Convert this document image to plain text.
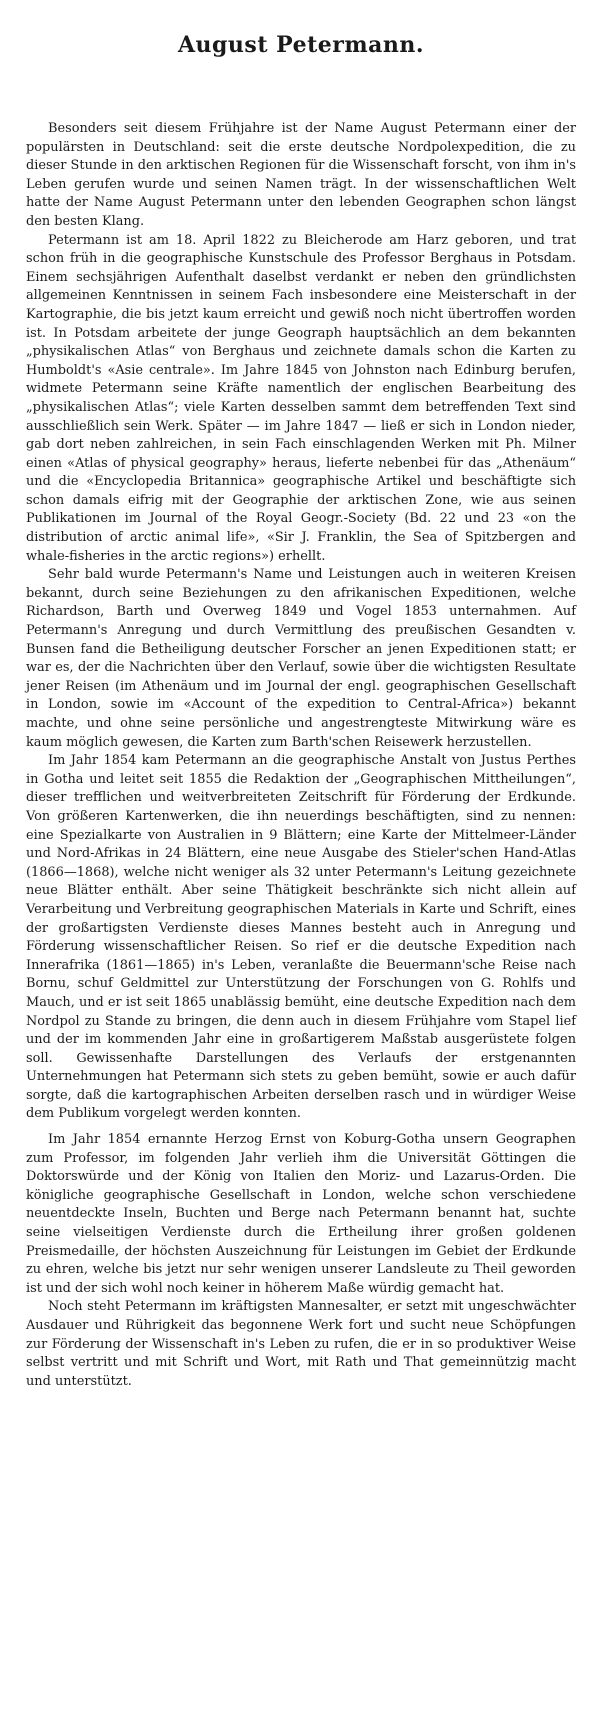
August Petermann.

Besonders seit diesem Frühjahre ist der Name August Petermann einer der populärsten in Deutschland: seit die erste deutsche Nordpolexpedition, die zu dieser Stunde in den arktischen Regionen für die Wissenschaft forscht, von ihm in's Leben gerufen wurde und seinen Namen trägt. In der wissenschaftlichen Welt hatte der Name August Petermann unter den lebenden Geographen schon längst den besten Klang.

Petermann ist am 18. April 1822 zu Bleicherode am Harz geboren, und trat schon früh in die geographische Kunstschule des Professor Berghaus in Potsdam. Einem sechsjährigen Aufenthalt daselbst verdankt er neben den gründlichsten allgemeinen Kenntnissen in seinem Fach insbesondere eine Meisterschaft in der Kartographie, die bis jetzt kaum erreicht und gewiß noch nicht übertroffen worden ist. In Potsdam arbeitete der junge Geograph hauptsächlich an dem bekannten „physikalischen Atlas“ von Berghaus und zeichnete damals schon die Karten zu Humboldt's «Asie centrale». Im Jahre 1845 von Johnston nach Edinburg berufen, widmete Petermann seine Kräfte namentlich der englischen Bearbeitung des „physikalischen Atlas“; viele Karten desselben sammt dem betreffenden Text sind ausschließlich sein Werk. Später — im Jahre 1847 — ließ er sich in London nieder, gab dort neben zahlreichen, in sein Fach einschlagenden Werken mit Ph. Milner einen «Atlas of physical geography» heraus, lieferte nebenbei für das „Athenäum“ und die «Encyclopedia Britannica» geographische Artikel und beschäftigte sich schon damals eifrig mit der Geographie der arktischen Zone, wie aus seinen Publikationen im Journal of the Royal Geogr.-Society (Bd. 22 und 23 «on the distribution of arctic animal life», «Sir J. Franklin, the Sea of Spitzbergen and whale-fisheries in the arctic regions») erhellt.

Sehr bald wurde Petermann's Name und Leistungen auch in weiteren Kreisen bekannt, durch seine Beziehungen zu den afrikanischen Expeditionen, welche Richardson, Barth und Overweg 1849 und Vogel 1853 unternahmen. Auf Petermann's Anregung und durch Vermittlung des preußischen Gesandten v. Bunsen fand die Betheiligung deutscher Forscher an jenen Expeditionen statt; er war es, der die Nachrichten über den Verlauf, sowie über die wichtigsten Resultate jener Reisen (im Athenäum und im Journal der engl. geographischen Gesellschaft in London, sowie im «Account of the expedition to Central-Africa») bekannt machte, und ohne seine persönliche und angestrengteste Mitwirkung wäre es kaum möglich gewesen, die Karten zum Barth'schen Reisewerk herzustellen.

Im Jahr 1854 kam Petermann an die geographische Anstalt von Justus Perthes in Gotha und leitet seit 1855 die Redaktion der „Geographischen Mittheilungen“, dieser trefflichen und weitverbreiteten Zeitschrift für Förderung der Erdkunde. Von größeren Kartenwerken, die ihn neuerdings beschäftigten, sind zu nennen: eine Spezialkarte von Australien in 9 Blättern; eine Karte der Mittelmeer-Länder und Nord-Afrikas in 24 Blättern, eine neue Ausgabe des Stieler'schen Hand-Atlas (1866—1868), welche nicht weniger als 32 unter Petermann's Leitung gezeichnete neue Blätter enthält. Aber seine Thätigkeit beschränkte sich nicht allein auf Verarbeitung und Verbreitung geographischen Materials in Karte und Schrift, eines der großartigsten Verdienste dieses Mannes besteht auch in Anregung und Förderung wissenschaftlicher Reisen. So rief er die deutsche Expedition nach Innerafrika (1861—1865) in's Leben, veranlaßte die Beuermann'sche Reise nach Bornu, schuf Geldmittel zur Unterstützung der Forschungen von G. Rohlfs und Mauch, und er ist seit 1865 unablässig bemüht, eine deutsche Expedition nach dem Nordpol zu Stande zu bringen, die denn auch in diesem Frühjahre vom Stapel lief und der im kommenden Jahr eine in großartigerem Maßstab ausgerüstete folgen soll. Gewissenhafte Darstellungen des Verlaufs der erstgenannten Unternehmungen hat Petermann sich stets zu geben bemüht, sowie er auch dafür sorgte, daß die kartographischen Arbeiten derselben rasch und in würdiger Weise dem Publikum vorgelegt werden konnten.

Im Jahr 1854 ernannte Herzog Ernst von Koburg-Gotha unsern Geographen zum Professor, im folgenden Jahr verlieh ihm die Universität Göttingen die Doktorswürde und der König von Italien den Moriz- und Lazarus-Orden. Die königliche geographische Gesellschaft in London, welche schon verschiedene neuentdeckte Inseln, Buchten und Berge nach Petermann benannt hat, suchte seine vielseitigen Verdienste durch die Ertheilung ihrer großen goldenen Preismedaille, der höchsten Auszeichnung für Leistungen im Gebiet der Erdkunde zu ehren, welche bis jetzt nur sehr wenigen unserer Landsleute zu Theil geworden ist und der sich wohl noch keiner in höherem Maße würdig gemacht hat.

Noch steht Petermann im kräftigsten Mannesalter, er setzt mit ungeschwächter Ausdauer und Rührigkeit das begonnene Werk fort und sucht neue Schöpfungen zur Förderung der Wissenschaft in's Leben zu rufen, die er in so produktiver Weise selbst vertritt und mit Schrift und Wort, mit Rath und That gemeinnützig macht und unterstützt.
